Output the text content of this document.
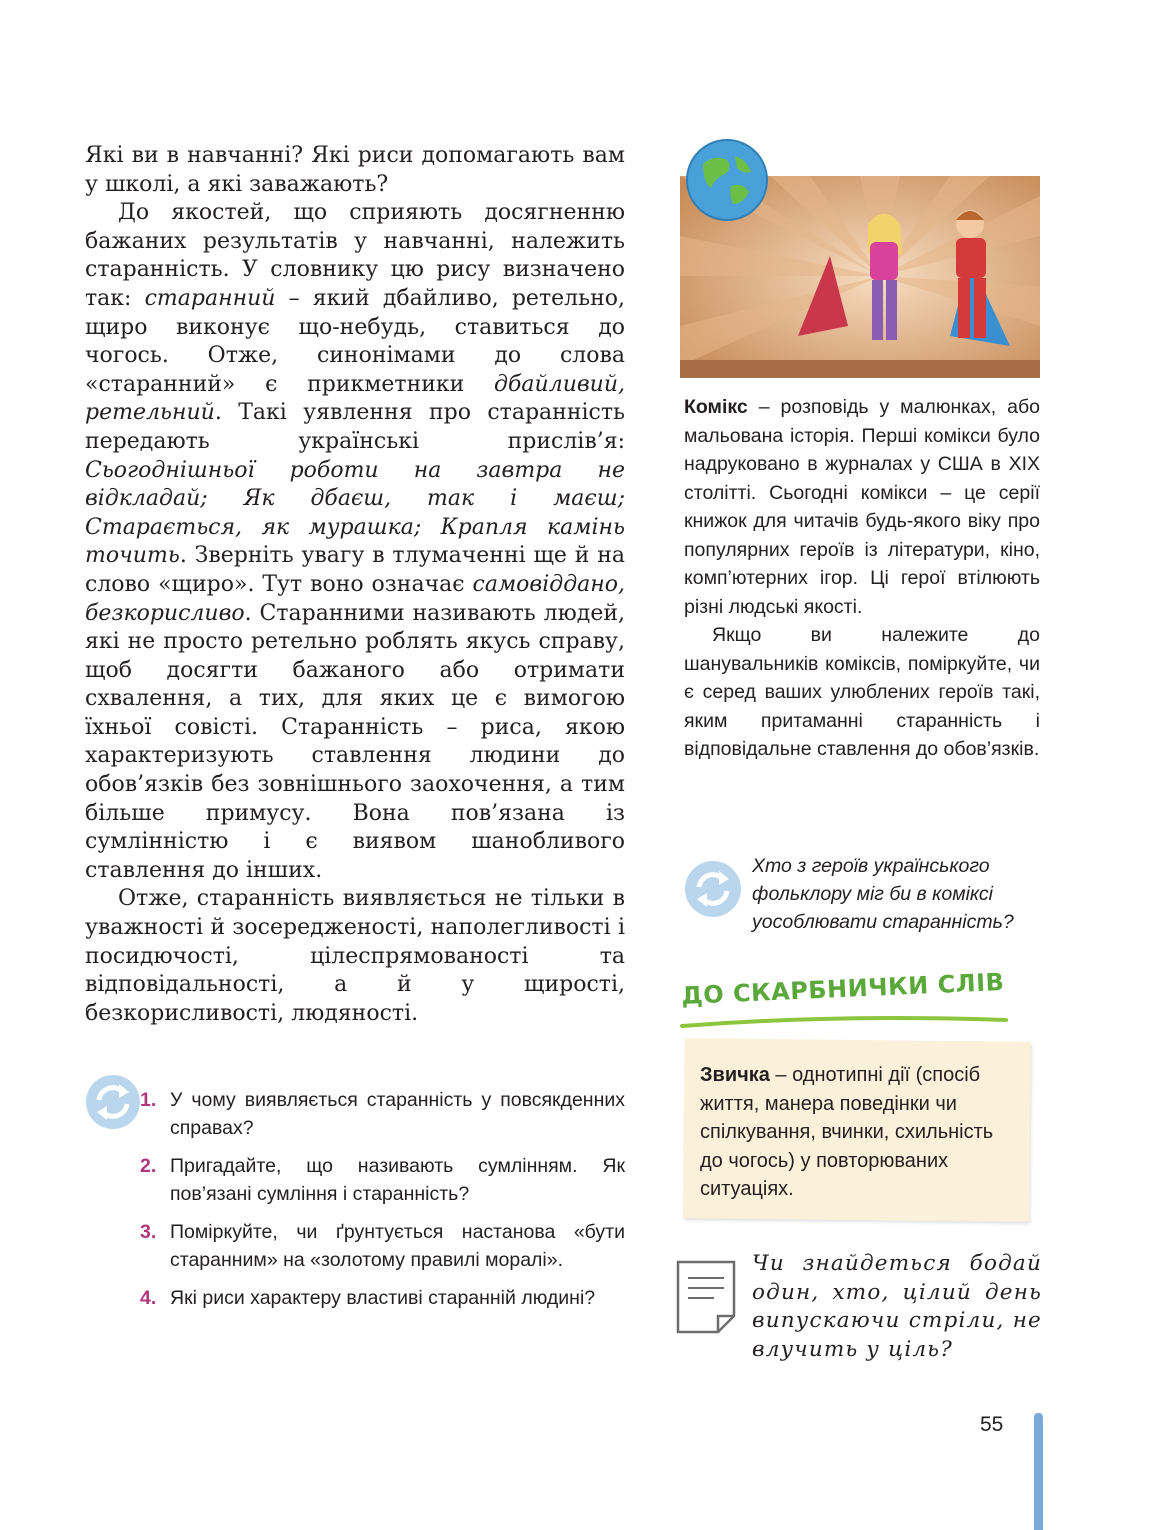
Які ви в навчанні? Які риси допомагають вам у школі, а які заважають?

До якостей, що сприяють досягненню бажаних результатів у навчанні, належить старанність. У словнику цю рису визначено так: старанний – який дбайливо, ретельно, щиро виконує що-небудь, ставиться до чогось. Отже, синонімами до слова «старанний» є прикметники дбайливий, ретельний. Такі уявлення про старанність передають українські прислів’я: Сьогоднішньої роботи на завтра не відкладай; Як дбаєш, так і маєш; Старається, як мурашка; Крапля камінь точить. Зверніть увагу в тлумаченні ще й на слово «щиро». Тут воно означає самовіддано, безкорисливо. Старанними називають людей, які не просто ретельно роблять якусь справу, щоб досягти бажаного або отримати схвалення, а тих, для яких це є вимогою їхньої совісті. Старанність – риса, якою характеризують ставлення людини до обов’язків без зовнішнього заохочення, а тим більше примусу. Вона пов’язана із сумлінністю і є виявом шанобливого ставлення до інших.

Отже, старанність виявляється не тільки в уважності й зосередженості, наполегливості і посидючості, цілеспрямованості та відповідальності, а й у щирості, безкорисливості, людяності.

1. У чому виявляється старанність у повсякденних справах?
2. Пригадайте, що називають сумлінням. Як пов’язані сумління і старанність?
3. Поміркуйте, чи ґрунтується настанова «бути старанним» на «золотому правилі моралі».
4. Які риси характеру властиві старанній людині?

Комікс – розповідь у малюнках, або мальована історія. Перші комікси було надруковано в журналах у США в XIX столітті. Сьогодні комікси – це серії книжок для читачів будь-якого віку про популярних героїв із літератури, кіно, комп’ютерних ігор. Ці герої втілюють різні людські якості.

Якщо ви належите до шанувальників коміксів, поміркуйте, чи є серед ваших улюблених героїв такі, яким притаманні старанність і відповідальне ставлення до обов’язків.

Хто з героїв українського фольклору міг би в коміксі уособлювати старанність?
ДО СКАРБНИЧКИ СЛІВ
Звичка – однотипні дії (спосіб життя, манера поведінки чи спілкування, вчинки, схильність до чогось) у повторюваних ситуаціях.
Чи знайдеться бодай один, хто, цілий день випускаючи стріли, не влучить у ціль?
55
